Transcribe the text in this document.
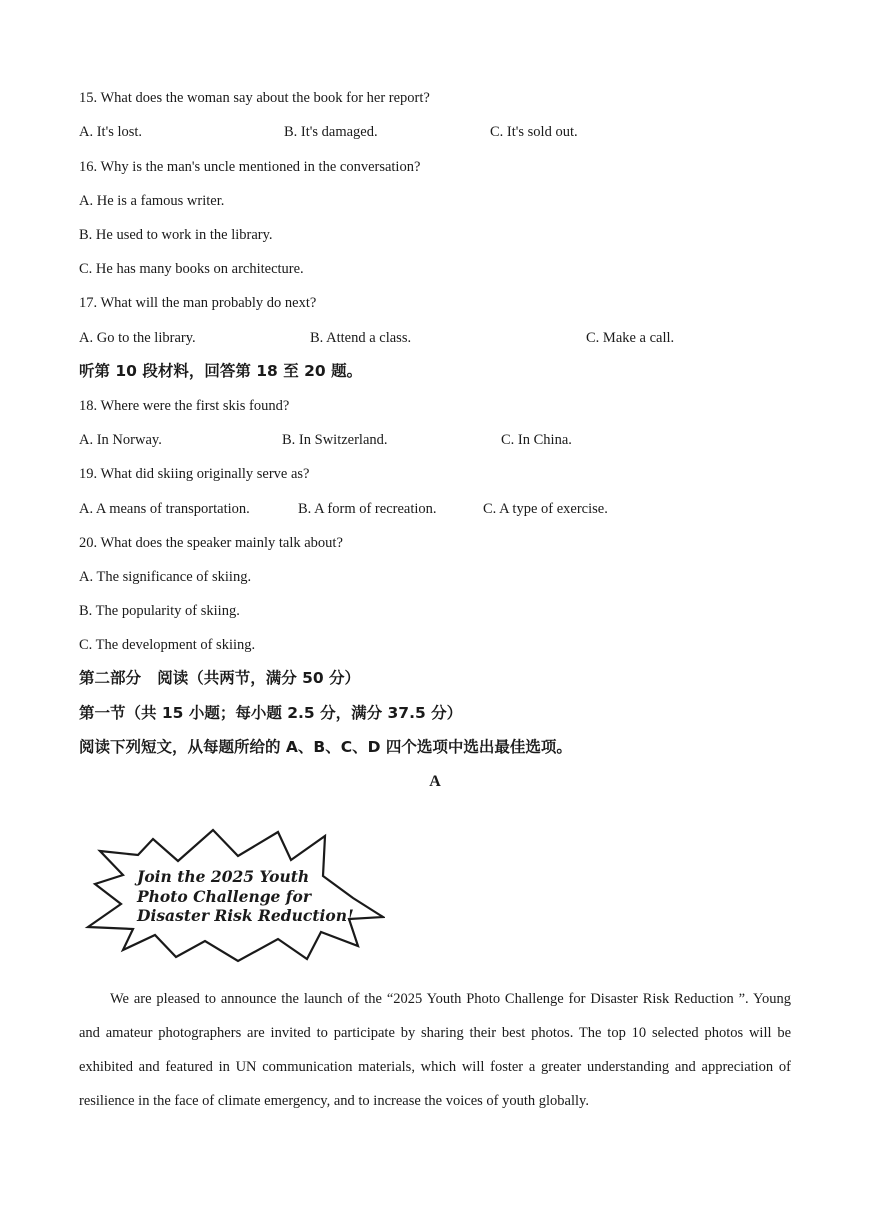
15. What does the woman say about the book for her report?
A. It's lost.	B. It's damaged.	C. It's sold out.
16. Why is the man's uncle mentioned in the conversation?
A. He is a famous writer.
B. He used to work in the library.
C. He has many books on architecture.
17. What will the man probably do next?
A. Go to the library.	B. Attend a class.	C. Make a call.
听第 10 段材料，回答第 18 至 20 题。
18. Where were the first skis found?
A. In Norway.	B. In Switzerland.	C. In China.
19. What did skiing originally serve as?
A. A means of transportation.	B. A form of recreation.	C. A type of exercise.
20. What does the speaker mainly talk about?
A. The significance of skiing.
B. The popularity of skiing.
C. The development of skiing.
第二部分   阅读（共两节，满分 50 分）
第一节（共 15 小题；每小题 2.5 分，满分 37.5 分）
阅读下列短文，从每题所给的 A、B、C、D 四个选项中选出最佳选项。
A
Join the 2025 Youth
Photo Challenge for
Disaster Risk Reduction!
We are pleased to announce the launch of the “2025 Youth Photo Challenge for Disaster Risk Reduction ”. Young and amateur photographers are invited to participate by sharing their best photos. The top 10 selected photos will be exhibited and featured in UN communication materials, which will foster a greater understanding and appreciation of resilience in the face of climate emergency, and to increase the voices of youth globally.
